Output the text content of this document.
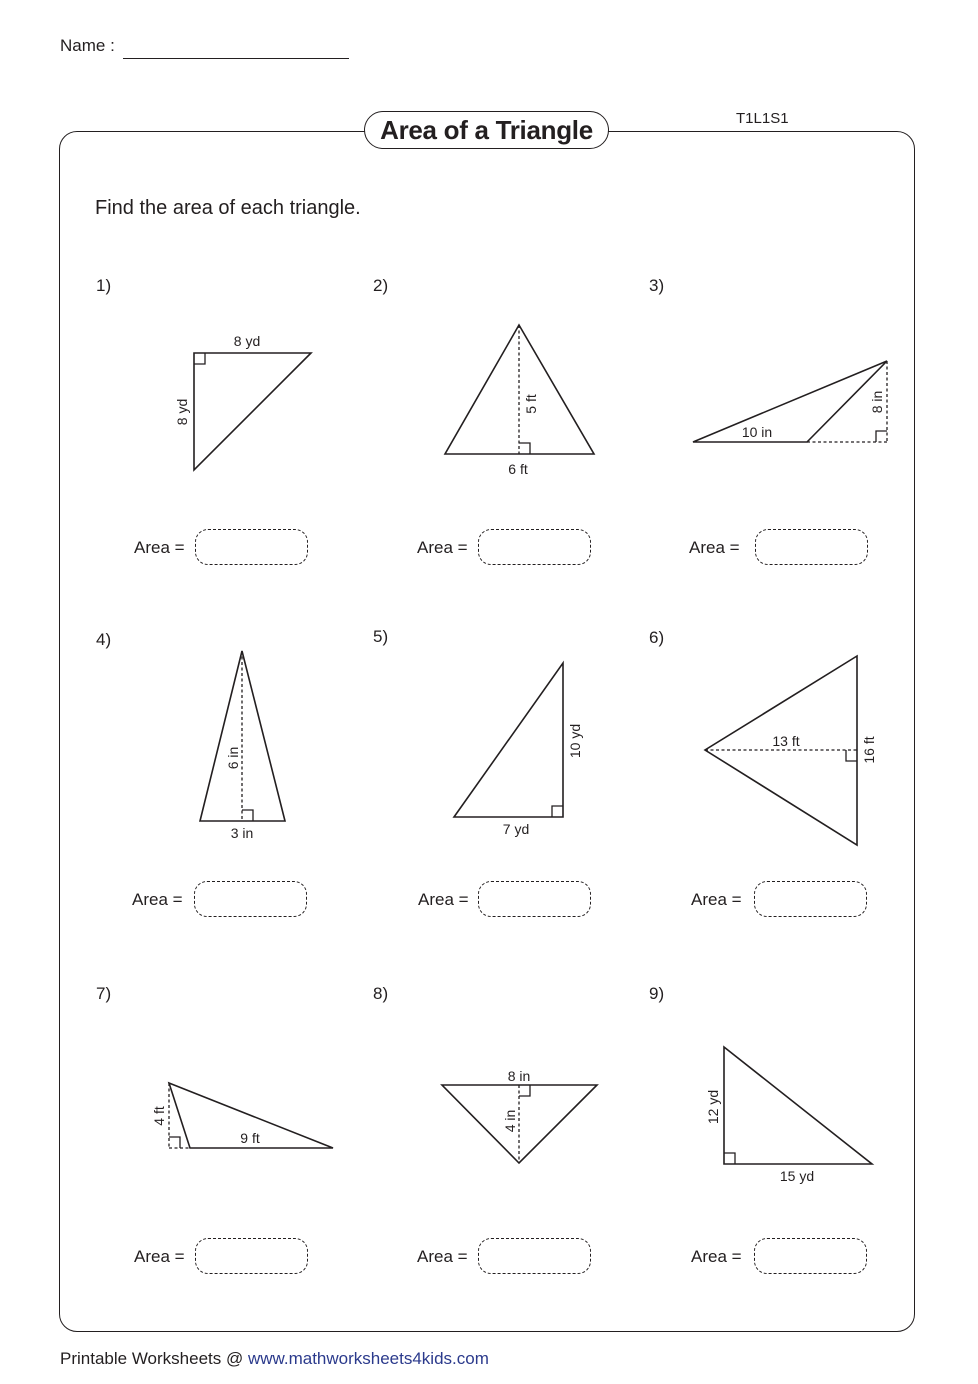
Name :
Area of a Triangle	T1L1S1
Find the area of each triangle.
1)	2)	3)
4)	5)	6)
7)	8)	9)
8 yd
8 yd	5 ft
6 ft
10 in
8 in
6 in
3 in
10 yd
7 yd
13 ft	16 ft
4 ft
9 ft
8 in
4 in	12 yd
15 yd
Area =	Area =	Area =
Area =	Area =	Area =
Area =	Area =	Area =
Printable Worksheets @ www.mathworksheets4kids.com
